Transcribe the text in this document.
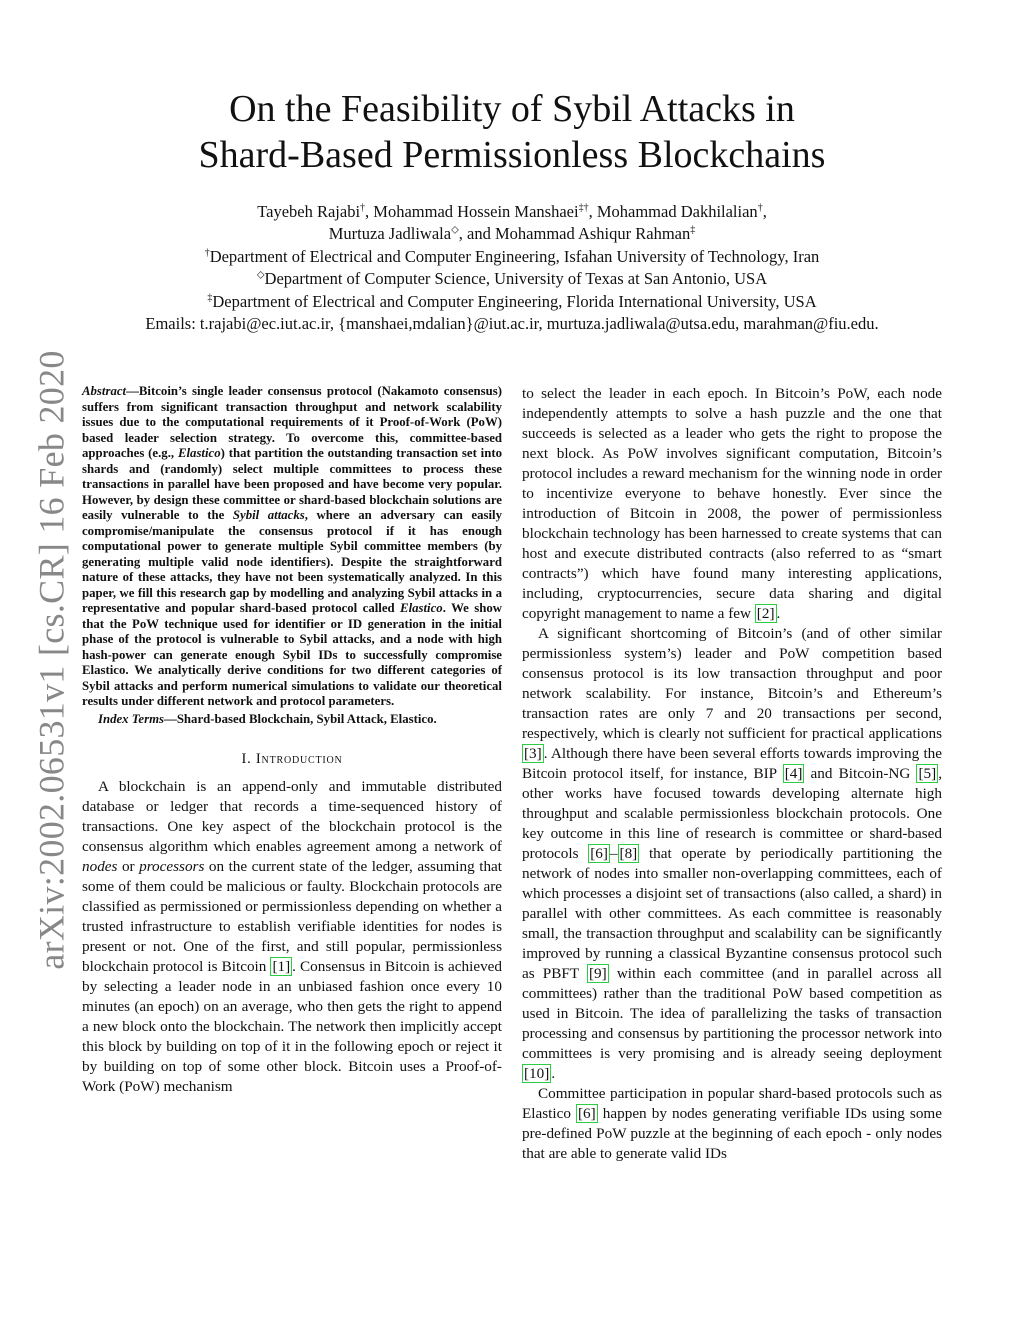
arXiv:2002.06531v1 [cs.CR] 16 Feb 2020
On the Feasibility of Sybil Attacks in
Shard-Based Permissionless Blockchains
Tayebeh Rajabi†, Mohammad Hossein Manshaei‡†, Mohammad Dakhilalian†,
Murtuza Jadliwala◇, and Mohammad Ashiqur Rahman‡
†Department of Electrical and Computer Engineering, Isfahan University of Technology, Iran
◇Department of Computer Science, University of Texas at San Antonio, USA
‡Department of Electrical and Computer Engineering, Florida International University, USA
Emails: t.rajabi@ec.iut.ac.ir, {manshaei,mdalian}@iut.ac.ir, murtuza.jadliwala@utsa.edu, marahman@fiu.edu.

Abstract—Bitcoin’s single leader consensus protocol (Nakamoto consensus) suffers from significant transaction throughput and network scalability issues due to the computational requirements of it Proof-of-Work (PoW) based leader selection strategy. To overcome this, committee-based approaches (e.g., Elastico) that partition the outstanding transaction set into shards and (randomly) select multiple committees to process these transactions in parallel have been proposed and have become very popular. However, by design these committee or shard-based blockchain solutions are easily vulnerable to the Sybil attacks, where an adversary can easily compromise/manipulate the consensus protocol if it has enough computational power to generate multiple Sybil committee members (by generating multiple valid node identifiers). Despite the straightforward nature of these attacks, they have not been systematically analyzed. In this paper, we fill this research gap by modelling and analyzing Sybil attacks in a representative and popular shard-based protocol called Elastico. We show that the PoW technique used for identifier or ID generation in the initial phase of the protocol is vulnerable to Sybil attacks, and a node with high hash-power can generate enough Sybil IDs to successfully compromise Elastico. We analytically derive conditions for two different categories of Sybil attacks and perform numerical simulations to validate our theoretical results under different network and protocol parameters.

Index Terms—Shard-based Blockchain, Sybil Attack, Elastico.

I. Introduction

A blockchain is an append-only and immutable distributed database or ledger that records a time-sequenced history of transactions. One key aspect of the blockchain protocol is the consensus algorithm which enables agreement among a network of nodes or processors on the current state of the ledger, assuming that some of them could be malicious or faulty. Blockchain protocols are classified as permissioned or permissionless depending on whether a trusted infrastructure to establish verifiable identities for nodes is present or not. One of the first, and still popular, permissionless blockchain protocol is Bitcoin [1] . Consensus in Bitcoin is achieved by selecting a leader node in an unbiased fashion once every 10 minutes (an epoch) on an average, who then gets the right to append a new block onto the blockchain. The network then implicitly accept this block by building on top of it in the following epoch or reject it by building on top of some other block. Bitcoin uses a Proof-of-Work (PoW) mechanism

to select the leader in each epoch. In Bitcoin’s PoW, each node independently attempts to solve a hash puzzle and the one that succeeds is selected as a leader who gets the right to propose the next block. As PoW involves significant computation, Bitcoin’s protocol includes a reward mechanism for the winning node in order to incentivize everyone to behave honestly. Ever since the introduction of Bitcoin in 2008, the power of permissionless blockchain technology has been harnessed to create systems that can host and execute distributed contracts (also referred to as “smart contracts”) which have found many interesting applications, including, cryptocurrencies, secure data sharing and digital copyright management to name a few [2] .

A significant shortcoming of Bitcoin’s (and of other similar permissionless system’s) leader and PoW competition based consensus protocol is its low transaction throughput and poor network scalability. For instance, Bitcoin’s and Ethereum’s transaction rates are only 7 and 20 transactions per second, respectively, which is clearly not sufficient for practical applications [3] . Although there have been several efforts towards improving the Bitcoin protocol itself, for instance, BIP [4] and Bitcoin-NG [5] , other works have focused towards developing alternate high throughput and scalable permissionless blockchain protocols. One key outcome in this line of research is committee or shard-based protocols [6] – [8] that operate by periodically partitioning the network of nodes into smaller non-overlapping committees, each of which processes a disjoint set of transactions (also called, a shard) in parallel with other committees. As each committee is reasonably small, the transaction throughput and scalability can be significantly improved by running a classical Byzantine consensus protocol such as PBFT [9] within each committee (and in parallel across all committees) rather than the traditional PoW based competition as used in Bitcoin. The idea of parallelizing the tasks of transaction processing and consensus by partitioning the processor network into committees is very promising and is already seeing deployment [10] .

Committee participation in popular shard-based protocols such as Elastico [6] happen by nodes generating verifiable IDs using some pre-defined PoW puzzle at the beginning of each epoch - only nodes that are able to generate valid IDs
